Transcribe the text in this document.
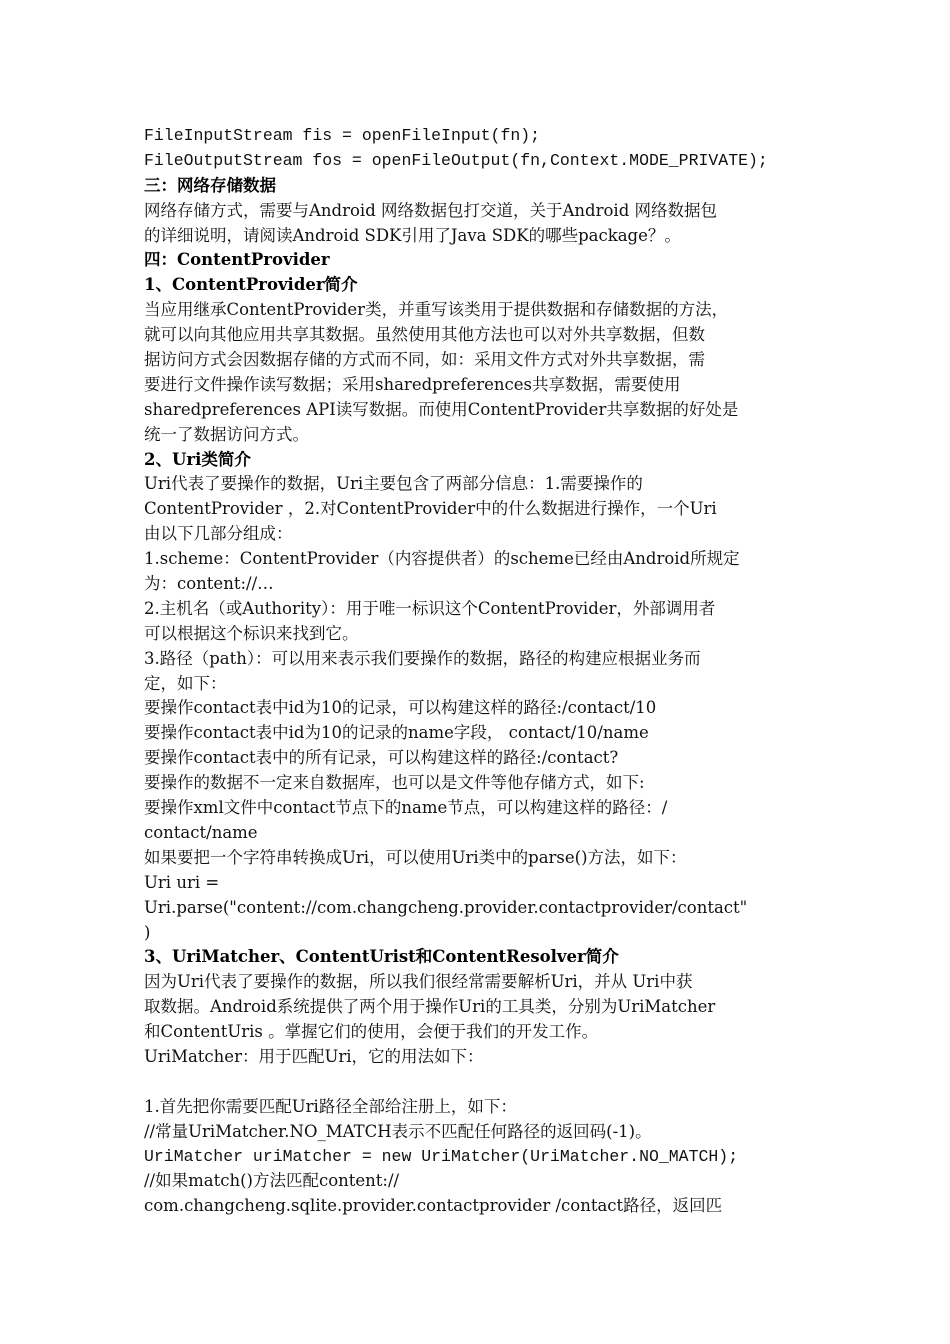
FileInputStream fis = openFileInput(fn);
FileOutputStream fos = openFileOutput(fn,Context.MODE_PRIVATE);
三：网络存储数据
网络存储方式，需要与Android 网络数据包打交道，关于Android 网络数据包
的详细说明，请阅读Android SDK引用了Java SDK的哪些package？。
四：ContentProvider
1、ContentProvider简介
当应用继承ContentProvider类，并重写该类用于提供数据和存储数据的方法，
就可以向其他应用共享其数据。虽然使用其他方法也可以对外共享数据，但数
据访问方式会因数据存储的方式而不同，如：采用文件方式对外共享数据，需
要进行文件操作读写数据；采用sharedpreferences共享数据，需要使用
sharedpreferences API读写数据。而使用ContentProvider共享数据的好处是
统一了数据访问方式。
2、Uri类简介
Uri代表了要操作的数据，Uri主要包含了两部分信息：1.需要操作的
ContentProvider ，2.对ContentProvider中的什么数据进行操作，一个Uri
由以下几部分组成：
1.scheme：ContentProvider（内容提供者）的scheme已经由Android所规定
为：content://…
2.主机名（或Authority）：用于唯一标识这个ContentProvider，外部调用者
可以根据这个标识来找到它。
3.路径（path）：可以用来表示我们要操作的数据，路径的构建应根据业务而
定，如下：
要操作contact表中id为10的记录，可以构建这样的路径:/contact/10
要操作contact表中id为10的记录的name字段， contact/10/name
要操作contact表中的所有记录，可以构建这样的路径:/contact?
要操作的数据不一定来自数据库，也可以是文件等他存储方式，如下:
要操作xml文件中contact节点下的name节点，可以构建这样的路径：/
contact/name
如果要把一个字符串转换成Uri，可以使用Uri类中的parse()方法，如下：
Uri uri =
Uri.parse("content://com.changcheng.provider.contactprovider/contact"
)
3、UriMatcher、ContentUrist和ContentResolver简介
因为Uri代表了要操作的数据，所以我们很经常需要解析Uri，并从 Uri中获
取数据。Android系统提供了两个用于操作Uri的工具类，分别为UriMatcher
和ContentUris 。掌握它们的使用，会便于我们的开发工作。
UriMatcher：用于匹配Uri，它的用法如下：
1.首先把你需要匹配Uri路径全部给注册上，如下：
//常量UriMatcher.NO_MATCH表示不匹配任何路径的返回码(-1)。
UriMatcher uriMatcher = new UriMatcher(UriMatcher.NO_MATCH);
//如果match()方法匹配content://
com.changcheng.sqlite.provider.contactprovider /contact路径，返回匹
